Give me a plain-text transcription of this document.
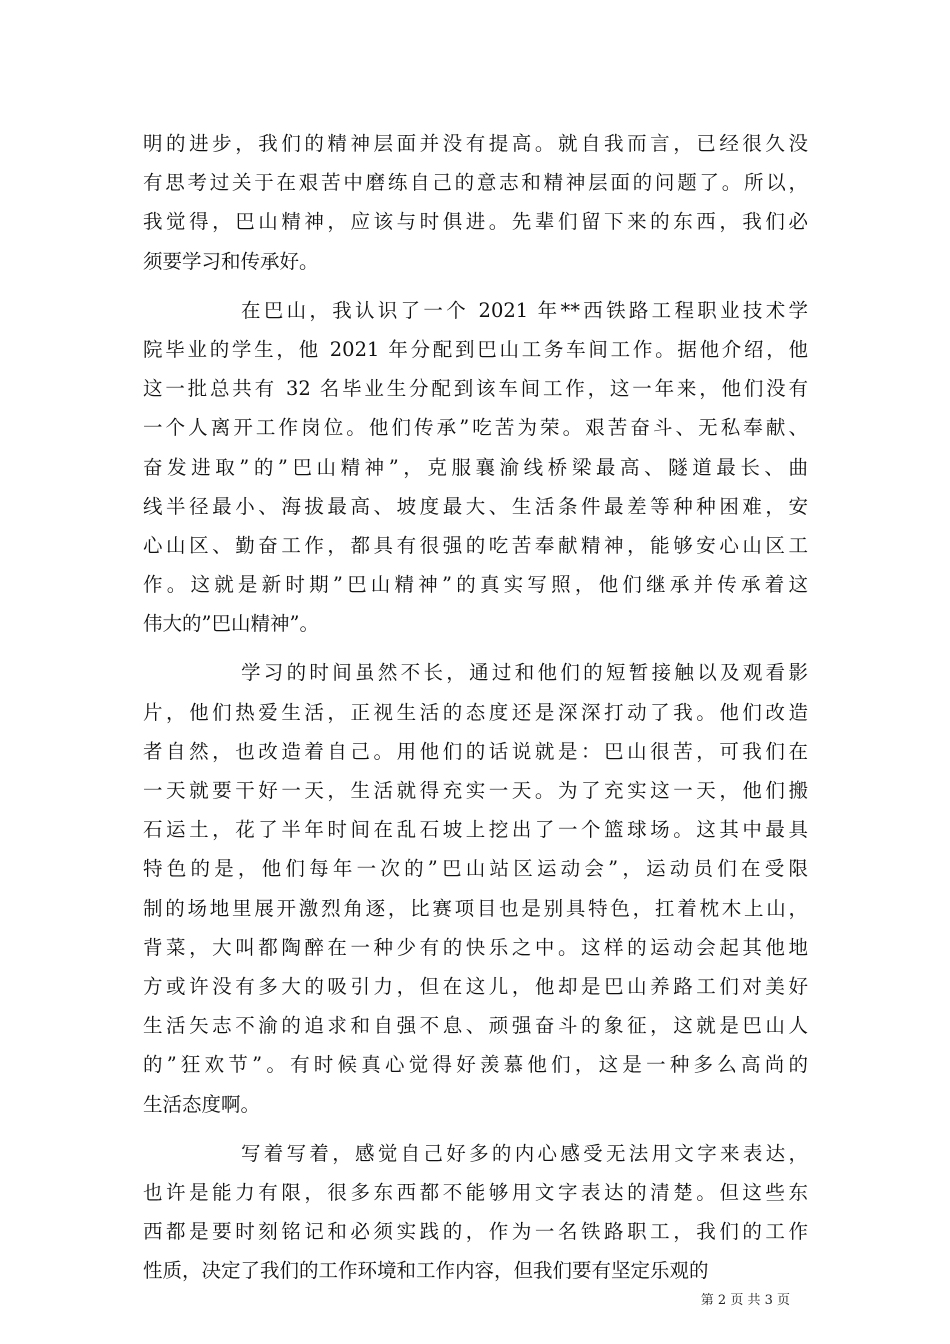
明的进步，我们的精神层面并没有提高。就自我而言，已经很久没
有思考过关于在艰苦中磨练自己的意志和精神层面的问题了。所以，
我觉得，巴山精神，应该与时俱进。先辈们留下来的东西，我们必
须要学习和传承好。
在巴山，我认识了一个 2021 年**西铁路工程职业技术学
院毕业的学生，他 2021 年分配到巴山工务车间工作。据他介绍，他
这一批总共有 32 名毕业生分配到该车间工作，这一年来，他们没有
一个人离开工作岗位。他们传承”吃苦为荣。艰苦奋斗、无私奉献、
奋发进取”的”巴山精神”，克服襄渝线桥梁最高、隧道最长、曲
线半径最小、海拔最高、坡度最大、生活条件最差等种种困难，安
心山区、勤奋工作，都具有很强的吃苦奉献精神，能够安心山区工
作。这就是新时期”巴山精神”的真实写照，他们继承并传承着这
伟大的”巴山精神”。
学习的时间虽然不长，通过和他们的短暂接触以及观看影
片，他们热爱生活，正视生活的态度还是深深打动了我。他们改造
者自然，也改造着自己。用他们的话说就是：巴山很苦，可我们在
一天就要干好一天，生活就得充实一天。为了充实这一天，他们搬
石运土，花了半年时间在乱石坡上挖出了一个篮球场。这其中最具
特色的是，他们每年一次的”巴山站区运动会”，运动员们在受限
制的场地里展开激烈角逐，比赛项目也是别具特色，扛着枕木上山，
背菜，大叫都陶醉在一种少有的快乐之中。这样的运动会起其他地
方或许没有多大的吸引力，但在这儿，他却是巴山养路工们对美好
生活矢志不渝的追求和自强不息、顽强奋斗的象征，这就是巴山人
的”狂欢节”。有时候真心觉得好羡慕他们，这是一种多么高尚的
生活态度啊。
写着写着，感觉自己好多的内心感受无法用文字来表达，
也许是能力有限，很多东西都不能够用文字表达的清楚。但这些东
西都是要时刻铭记和必须实践的，作为一名铁路职工，我们的工作
性质，决定了我们的工作环境和工作内容，但我们要有坚定乐观的
第 2 页 共 3 页
